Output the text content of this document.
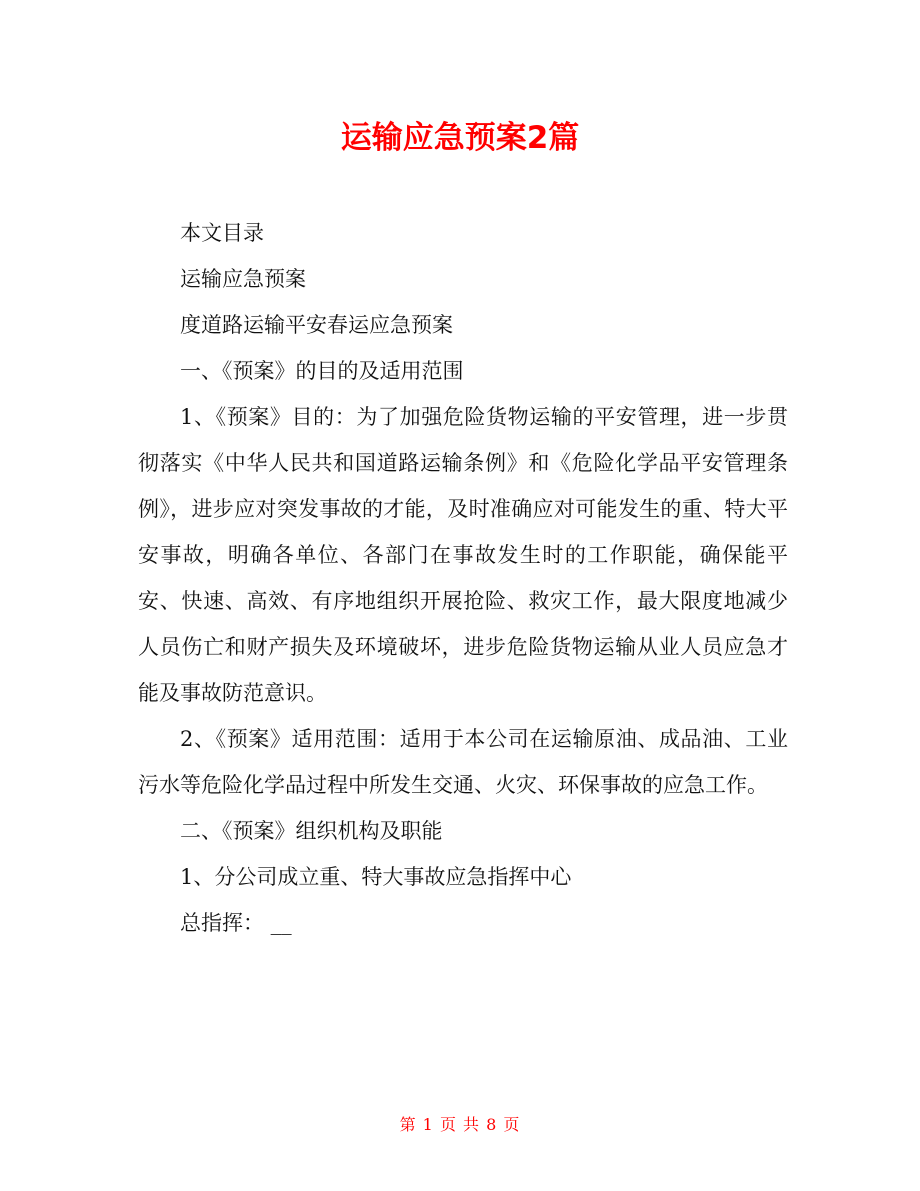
运输应急预案2篇

本文目录

运输应急预案

度道路运输平安春运应急预案

一、《预案》的目的及适用范围

1、《预案》目的：为了加强危险货物运输的平安管理，进一步贯彻落实《中华人民共和国道路运输条例》和《危险化学品平安管理条例》，进步应对突发事故的才能，及时准确应对可能发生的重、特大平安事故，明确各单位、各部门在事故发生时的工作职能，确保能平安、快速、高效、有序地组织开展抢险、救灾工作，最大限度地减少人员伤亡和财产损失及环境破坏，进步危险货物运输从业人员应急才能及事故防范意识。

2、《预案》适用范围：适用于本公司在运输原油、成品油、工业污水等危险化学品过程中所发生交通、火灾、环保事故的应急工作。

二、《预案》组织机构及职能

1、分公司成立重、特大事故应急指挥中心

总指挥： __

第 1 页 共 8 页
